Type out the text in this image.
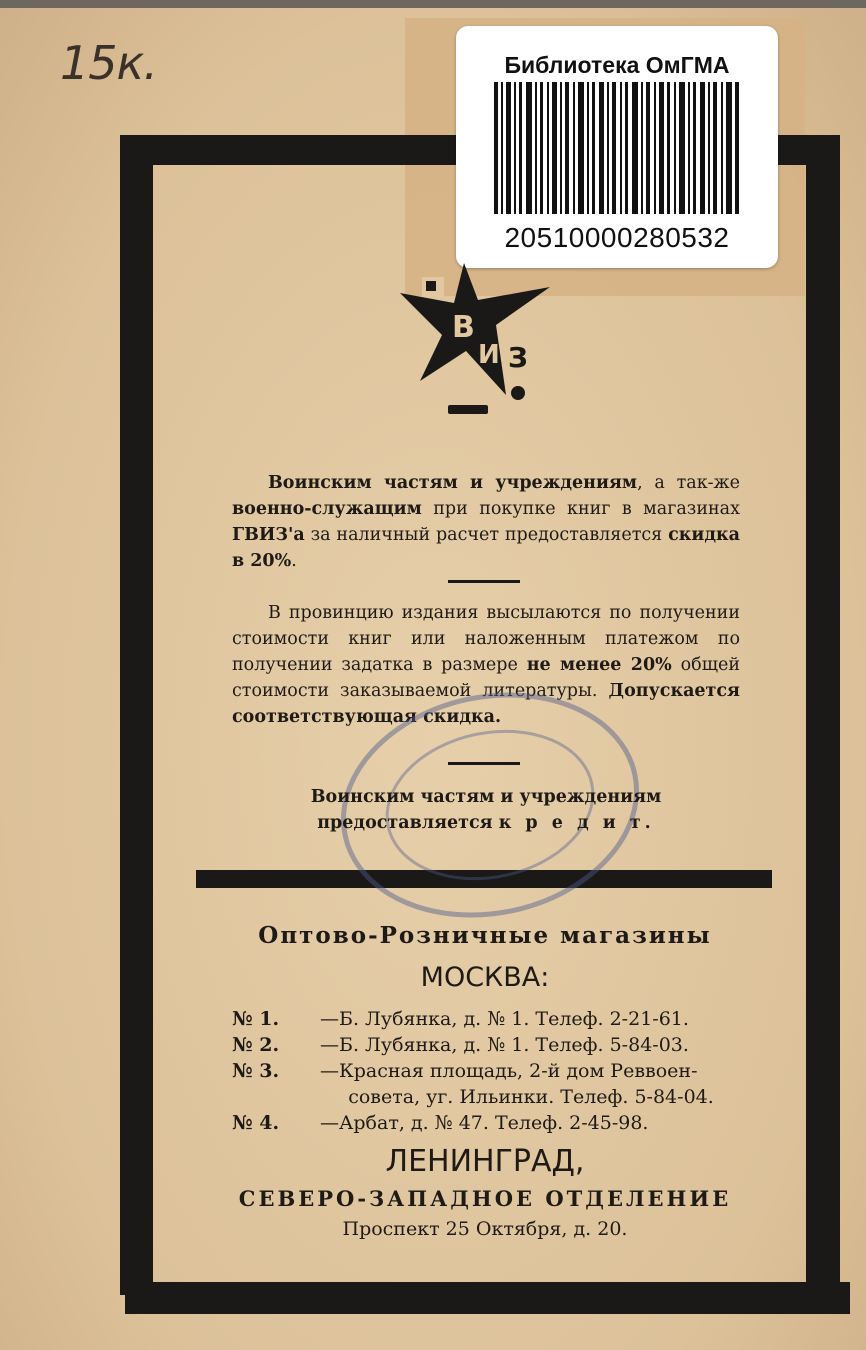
15к.	Библиотека ОмГМА
20510000280532
В
И З
Воинским частям и учреждениям, а так-же военно-служащим при покупке книг в магазинах ГВИЗ'а за наличный расчет предоставляется скидка в 20%.
В провинцию издания высылаются по получении стоимости книг или наложенным платежом по получении задатка в размере не менее 20% общей стоимости заказываемой литературы. Допускается соответствующая скидка.
Воинским частям и учреждениям
предоставляется к р е д и т.
Оптово-Розничные магазины
МОСКВА:
№ 1.	—Б. Лубянка, д. № 1. Телеф. 2-21-61.
№ 2.	—Б. Лубянка, д. № 1. Телеф. 5-84-03.
№ 3.	—Красная площадь, 2-й дом Реввоен-
совета, уг. Ильинки. Телеф. 5-84-04.
№ 4.	—Арбат, д. № 47. Телеф. 2-45-98.
ЛЕНИНГРАД,
СЕВЕРО-ЗАПАДНОЕ ОТДЕЛЕНИЕ
Проспект 25 Октября, д. 20.
